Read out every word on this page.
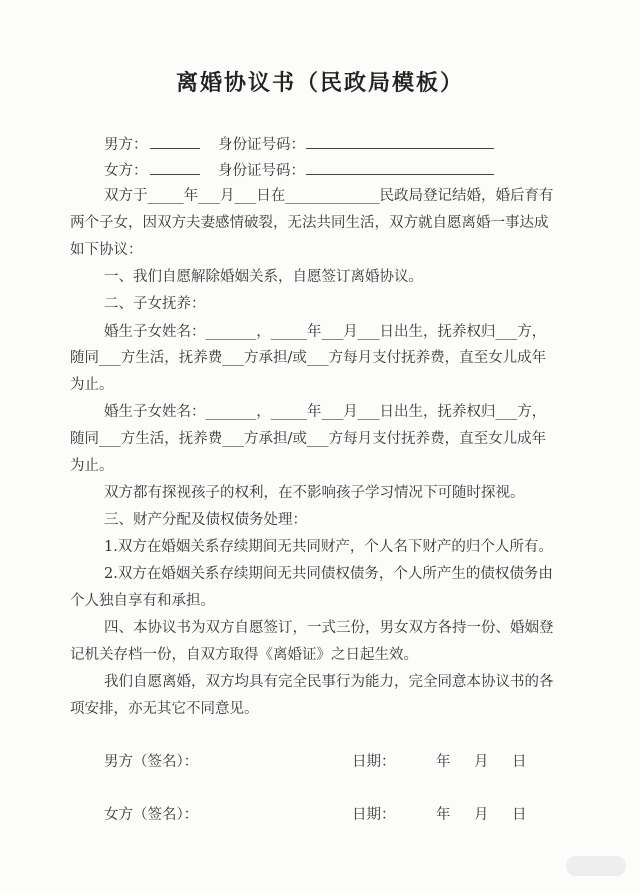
离婚协议书（民政局模板）
男方：	身份证号码：
女方：	身份证号码：
双方于_____年___月___日在_____________民政局登记结婚，婚后育有
两个子女，因双方夫妻感情破裂，无法共同生活，双方就自愿离婚一事达成
如下协议：
一、我们自愿解除婚姻关系，自愿签订离婚协议。
二、子女抚养：
婚生子女姓名：_______，_____年___月___日出生，抚养权归___方，
随同___方生活，抚养费___方承担/或___方每月支付抚养费，直至女儿成年
为止。
婚生子女姓名：_______，_____年___月___日出生，抚养权归___方，
随同___方生活，抚养费___方承担/或___方每月支付抚养费，直至女儿成年
为止。
双方都有探视孩子的权利，在不影响孩子学习情况下可随时探视。
三、财产分配及债权债务处理：
1.双方在婚姻关系存续期间无共同财产，个人名下财产的归个人所有。
2.双方在婚姻关系存续期间无共同债权债务，个人所产生的债权债务由
个人独自享有和承担。
四、本协议书为双方自愿签订，一式三份，男女双方各持一份、婚姻登
记机关存档一份，自双方取得《离婚证》之日起生效。
我们自愿离婚，双方均具有完全民事行为能力，完全同意本协议书的各
项安排，亦无其它不同意见。
男方（签名）：	日期：	年 月 日
女方（签名）：	日期：	年 月 日
